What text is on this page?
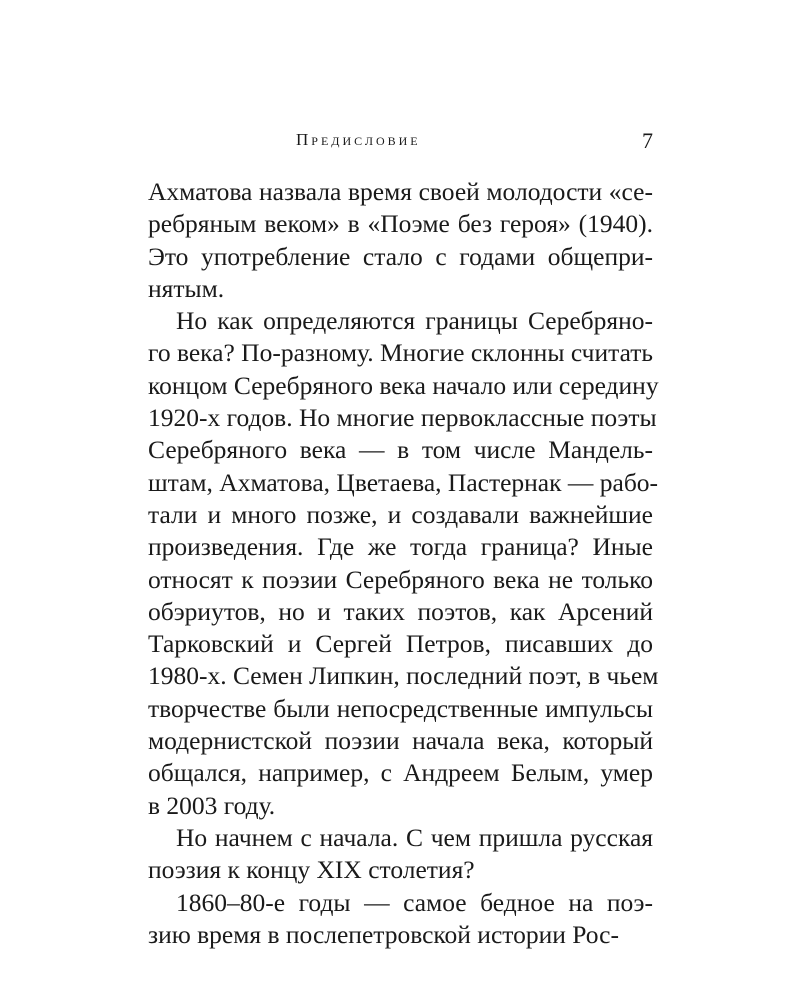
Предисловие	7
Ахматова назвала время своей молодости «се-
ребряным веком» в «Поэме без героя» (1940).
Это употребление стало с годами общепри-
нятым.
Но как определяются границы Серебряно-
го века? По-разному. Многие склонны считать
концом Серебряного века начало или середину
1920-х годов. Но многие первоклассные поэты
Серебряного века — в том числе Мандель-
штам, Ахматова, Цветаева, Пастернак — рабо-
тали и много позже, и создавали важнейшие
произведения. Где же тогда граница? Иные
относят к поэзии Серебряного века не только
обэриутов, но и таких поэтов, как Арсений
Тарковский и Сергей Петров, писавших до
1980-х. Семен Липкин, последний поэт, в чьем
творчестве были непосредственные импульсы
модернистской поэзии начала века, который
общался, например, с Андреем Белым, умер
в 2003 году.
Но начнем с начала. С чем пришла русская
поэзия к концу XIX столетия?
1860–80-е годы — самое бедное на поэ-
зию время в послепетровской истории Рос-
